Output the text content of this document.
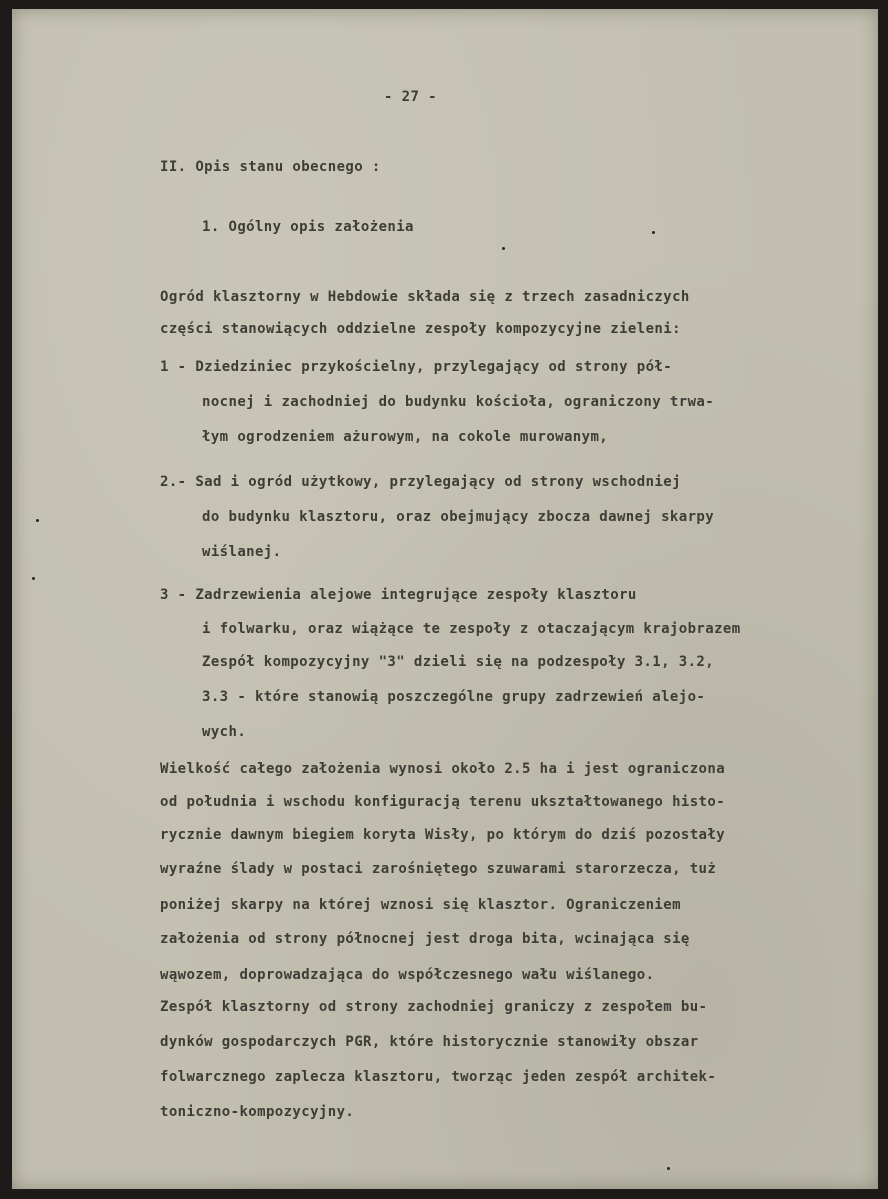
- 27 -

II. Opis stanu obecnego :

1. Ogólny opis założenia

Ogród klasztorny w Hebdowie składa się z trzech zasadniczych

części stanowiących oddzielne zespoły kompozycyjne zieleni:

1 - Dziedziniec przykościelny, przylegający od strony pół-

nocnej i zachodniej do budynku kościoła, ograniczony trwa-

łym ogrodzeniem ażurowym, na cokole murowanym,

2.- Sad i ogród użytkowy, przylegający od strony wschodniej

do budynku klasztoru, oraz obejmujący zbocza dawnej skarpy

wiślanej.

3 - Zadrzewienia alejowe integrujące zespoły klasztoru

i folwarku, oraz wiążące te zespoły z otaczającym krajobrazem

Zespół kompozycyjny "3" dzieli się na podzespoły 3.1, 3.2,

3.3 - które stanowią poszczególne grupy zadrzewień alejo-

wych.

Wielkość całego założenia wynosi około 2.5 ha i jest ograniczona

od południa i wschodu konfiguracją terenu ukształtowanego histo-

rycznie dawnym biegiem koryta Wisły, po którym do dziś pozostały

wyraźne ślady w postaci zarośniętego szuwarami starorzecza, tuż

poniżej skarpy na której wznosi się klasztor. Ograniczeniem

założenia od strony północnej jest droga bita, wcinająca się

wąwozem, doprowadzająca do współczesnego wału wiślanego.

Zespół klasztorny od strony zachodniej graniczy z zespołem bu-

dynków gospodarczych PGR, które historycznie stanowiły obszar

folwarcznego zaplecza klasztoru, tworząc jeden zespół architek-

toniczno-kompozycyjny.
